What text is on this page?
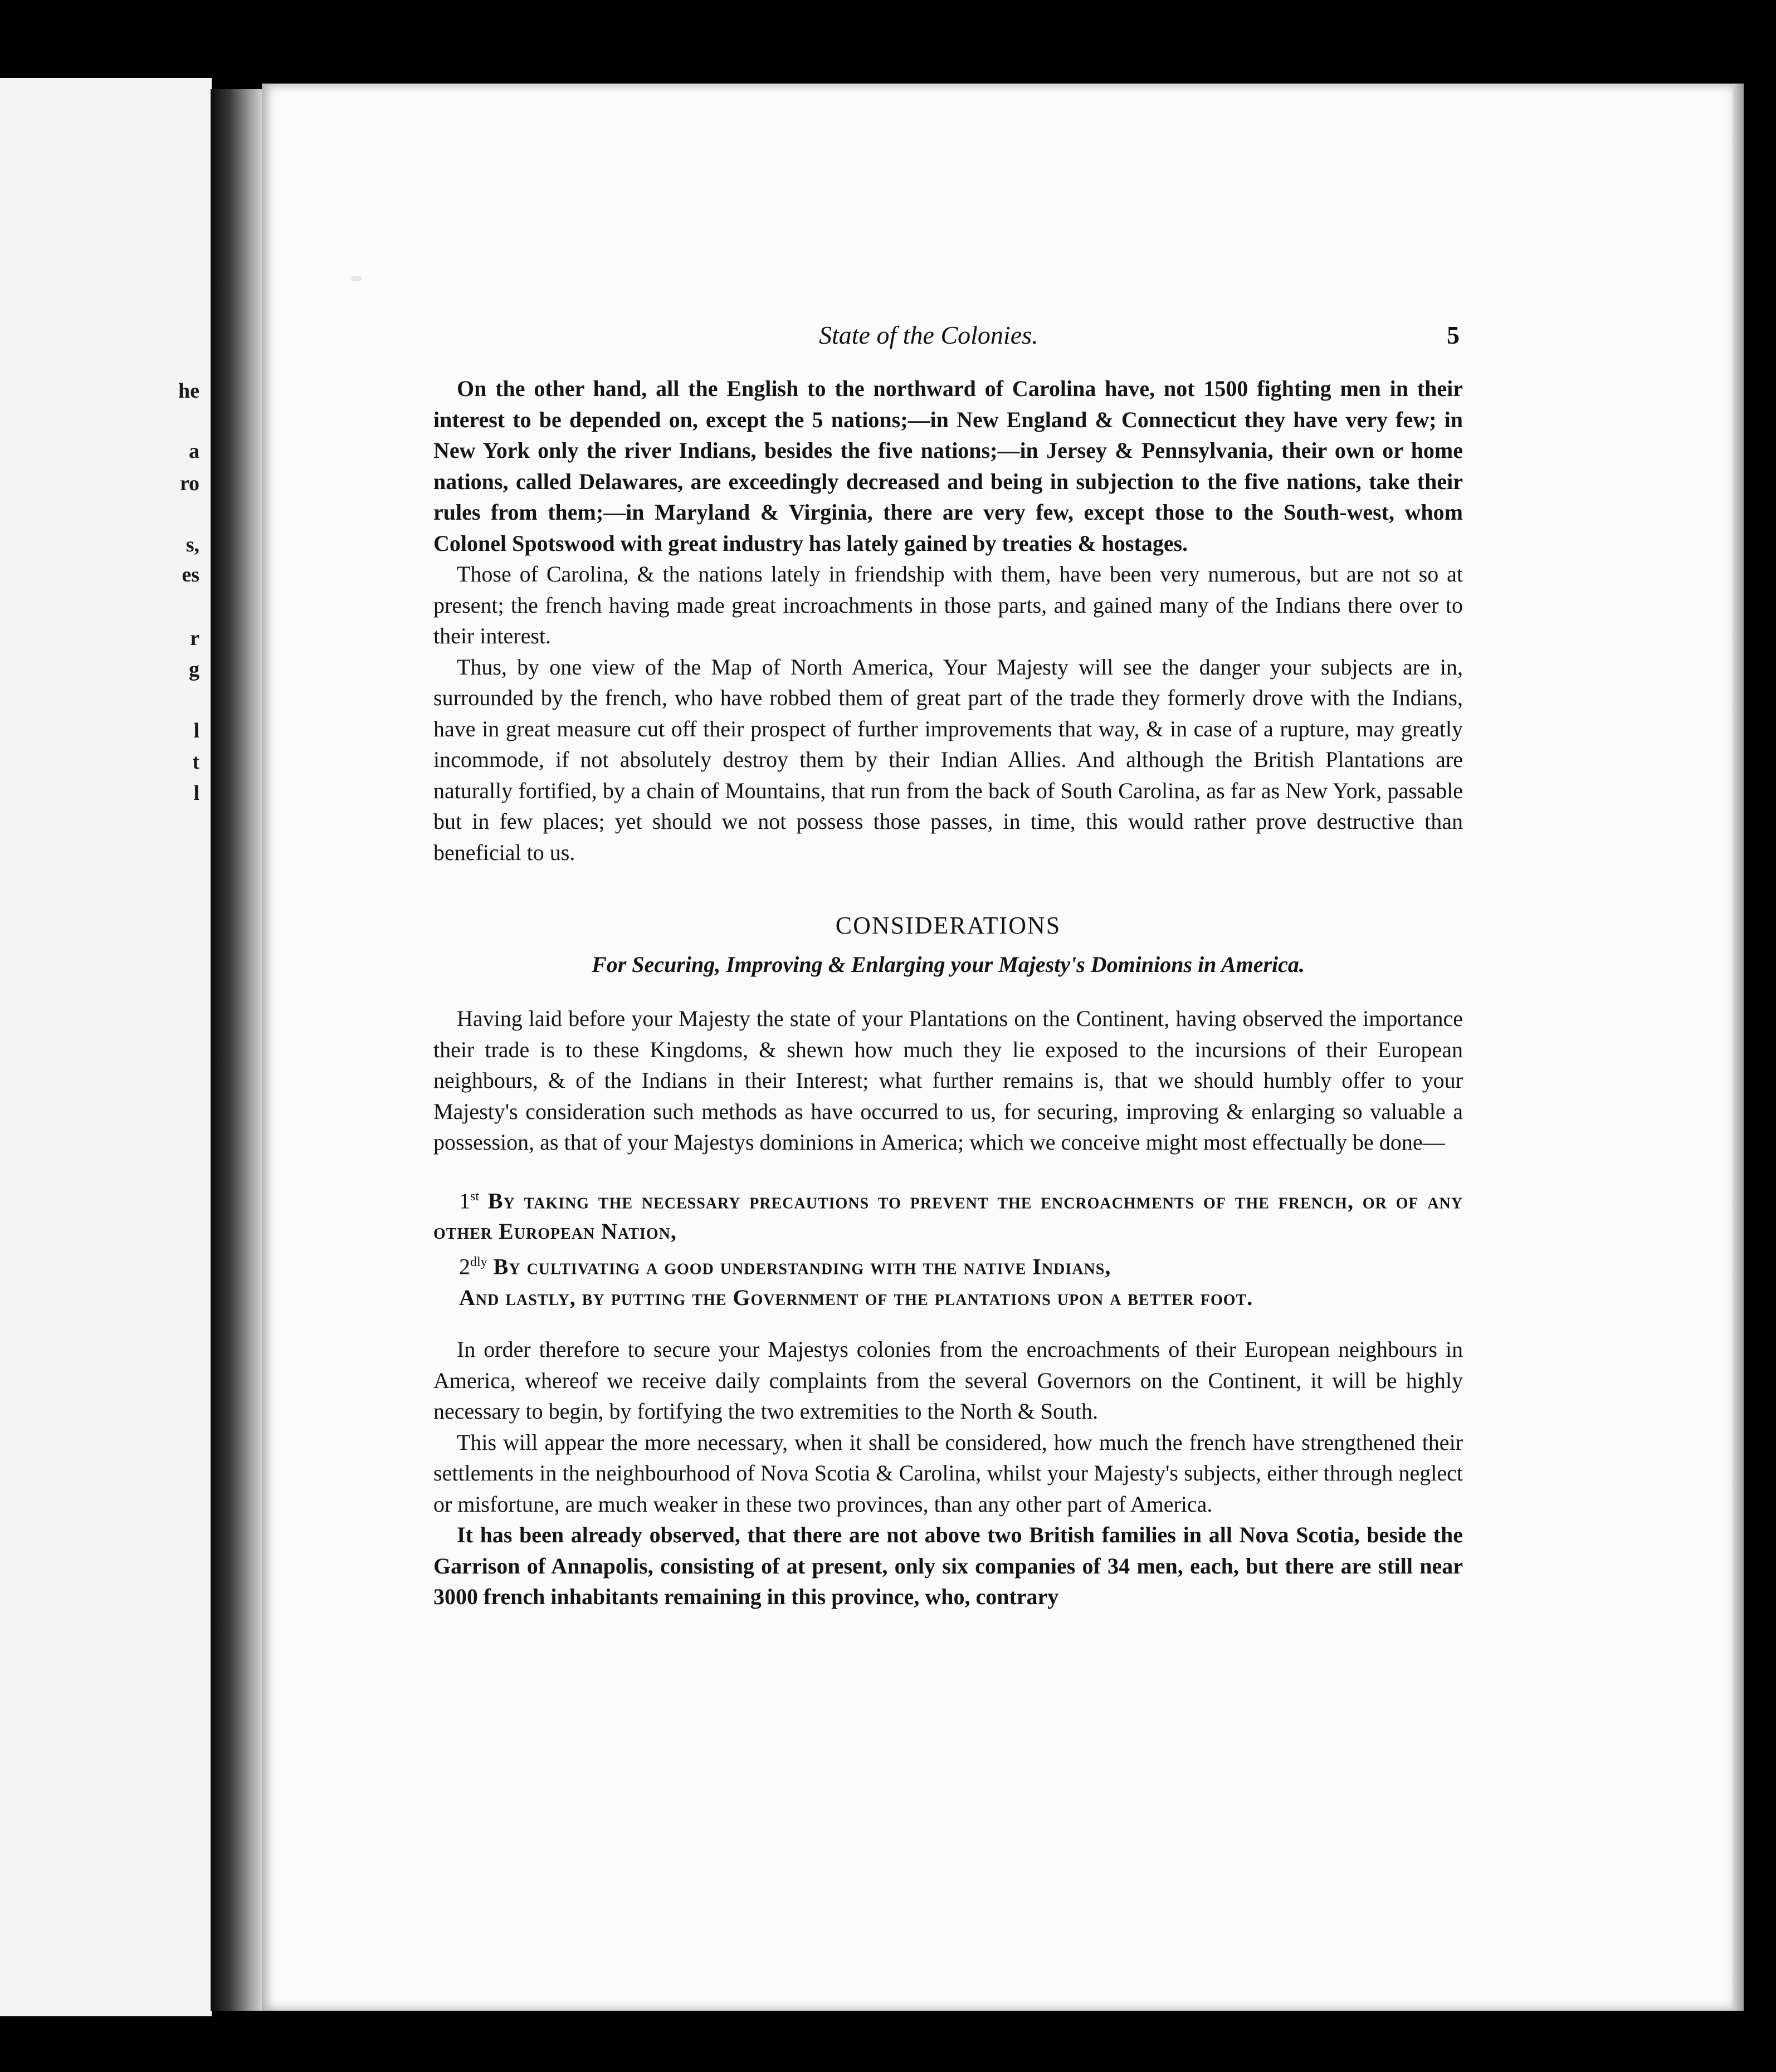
he
a
ro
s,
es
r
g
l
t
l
State of the Colonies.	5

On the other hand, all the English to the northward of Carolina have, not 1500 fighting men in their interest to be depended on, except the 5 nations;—in New England & Connecticut they have very few; in New York only the river Indians, besides the five nations;—in Jersey & Pennsylvania, their own or home nations, called Delawares, are exceedingly decreased and being in subjection to the five nations, take their rules from them;—in Maryland & Virginia, there are very few, except those to the South-west, whom Colonel Spotswood with great industry has lately gained by treaties & hostages.

Those of Carolina, & the nations lately in friendship with them, have been very numerous, but are not so at present; the french having made great incroachments in those parts, and gained many of the Indians there over to their interest.

Thus, by one view of the Map of North America, Your Majesty will see the danger your subjects are in, surrounded by the french, who have robbed them of great part of the trade they formerly drove with the Indians, have in great measure cut off their prospect of further improvements that way, & in case of a rupture, may greatly incommode, if not absolutely destroy them by their Indian Allies. And although the British Plantations are naturally fortified, by a chain of Mountains, that run from the back of South Carolina, as far as New York, passable but in few places; yet should we not possess those passes, in time, this would rather prove destructive than beneficial to us.

CONSIDERATIONS
For Securing, Improving & Enlarging your Majesty's Dominions in America.

Having laid before your Majesty the state of your Plantations on the Continent, having observed the importance their trade is to these Kingdoms, & shewn how much they lie exposed to the incursions of their European neighbours, & of the Indians in their Interest; what further remains is, that we should humbly offer to your Majesty's consideration such methods as have occurred to us, for securing, improving & enlarging so valuable a possession, as that of your Majestys dominions in America; which we conceive might most effectually be done—

1st By taking the necessary precautions to prevent the encroachments of the french, or of any other European Nation,

$2^{dly}$ By cultivating a good understanding with the native Indians,

And lastly, by putting the Government of the plantations upon a better foot.

In order therefore to secure your Majestys colonies from the encroachments of their European neighbours in America, whereof we receive daily complaints from the several Governors on the Continent, it will be highly necessary to begin, by fortifying the two extremities to the North & South.

This will appear the more necessary, when it shall be considered, how much the french have strengthened their settlements in the neighbourhood of Nova Scotia & Carolina, whilst your Majesty's subjects, either through neglect or misfortune, are much weaker in these two provinces, than any other part of America.

It has been already observed, that there are not above two British families in all Nova Scotia, beside the Garrison of Annapolis, consisting of at present, only six companies of 34 men, each, but there are still near 3000 french inhabitants remaining in this province, who, contrary
